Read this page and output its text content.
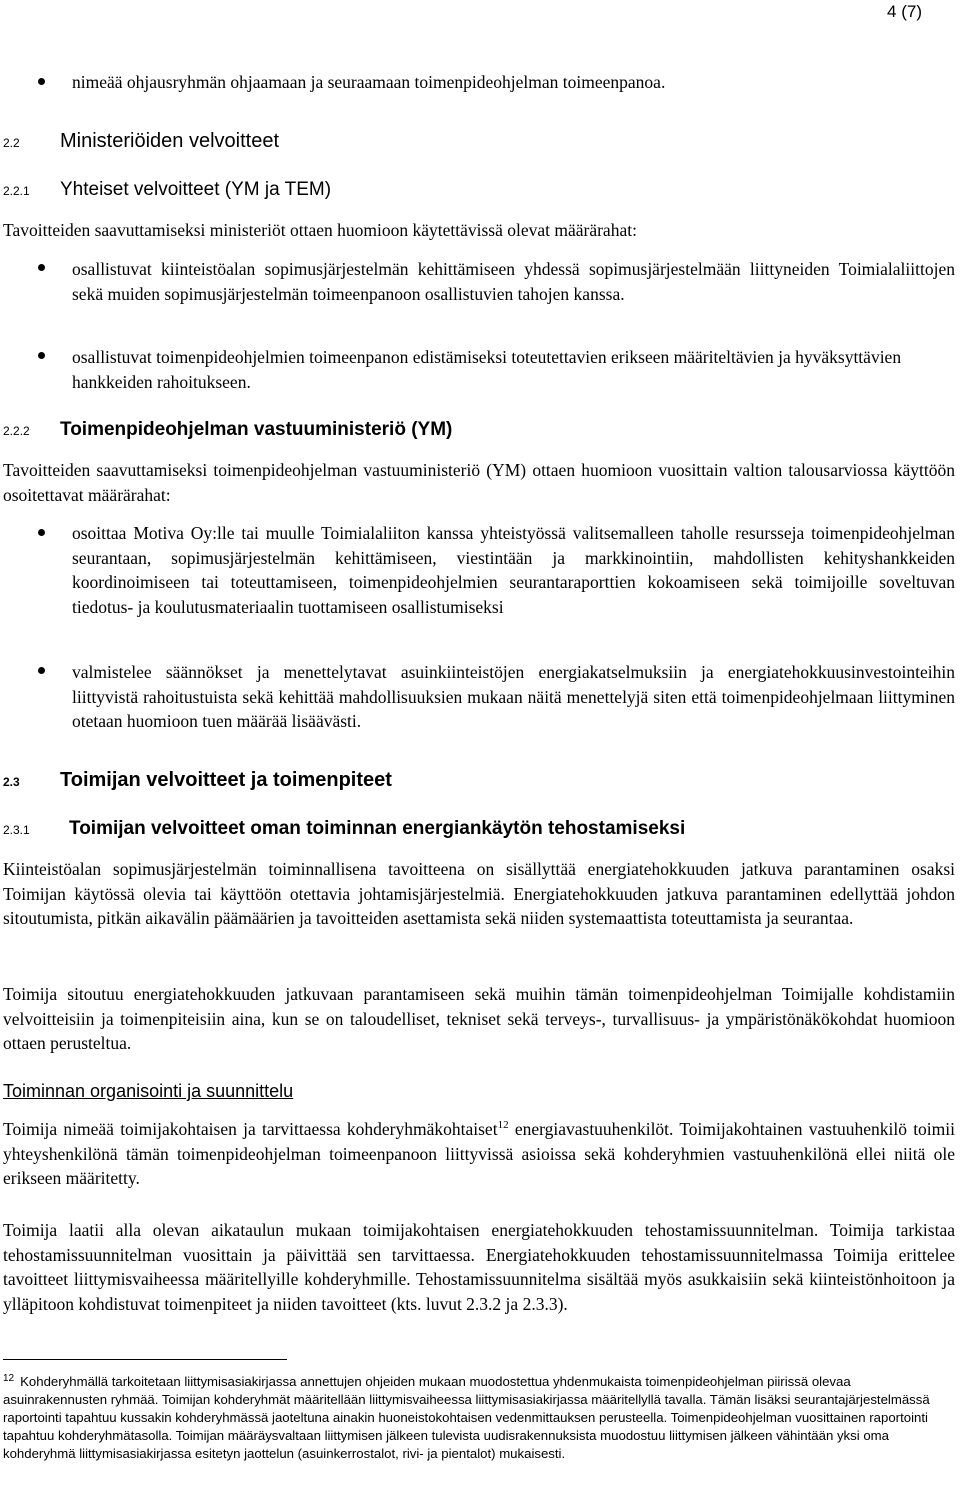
4 (7)
nimeää ohjausryhmän ohjaamaan ja seuraamaan toimenpideohjelman toimeenpanoa.
2.2 Ministeriöiden velvoitteet
2.2.1 Yhteiset velvoitteet (YM ja TEM)
Tavoitteiden saavuttamiseksi ministeriöt ottaen huomioon käytettävissä olevat määrärahat:
osallistuvat kiinteistöalan sopimusjärjestelmän kehittämiseen yhdessä sopimusjärjestelmään liittyneiden Toimialaliittojen sekä muiden sopimusjärjestelmän toimeenpanoon osallistuvien tahojen kanssa.
osallistuvat toimenpideohjelmien toimeenpanon edistämiseksi toteutettavien erikseen määriteltävien ja hyväksyttävien hankkeiden rahoitukseen.
2.2.2 Toimenpideohjelman vastuuministeriö (YM)
Tavoitteiden saavuttamiseksi toimenpideohjelman vastuuministeriö (YM) ottaen huomioon vuosittain valtion talousarviossa käyttöön osoitettavat määrärahat:
osoittaa Motiva Oy:lle tai muulle Toimialaliiton kanssa yhteistyössä valitsemalleen taholle resursseja toimenpideohjelman seurantaan, sopimusjärjestelmän kehittämiseen, viestintään ja markkinointiin, mahdollisten kehityshankkeiden koordinoimiseen tai toteuttamiseen, toimenpideohjelmien seurantaraporttien kokoamiseen sekä toimijoille soveltuvan tiedotus- ja koulutusmateriaalin tuottamiseen osallistumiseksi
valmistelee säännökset ja menettelytavat asuinkiinteistöjen energiakatselmuksiin ja energiatehokkuusinvestointeihin liittyvistä rahoitustuista sekä kehittää mahdollisuuksien mukaan näitä menettelyjä siten että toimenpideohjelmaan liittyminen otetaan huomioon tuen määrää lisäävästi.
2.3 Toimijan velvoitteet ja toimenpiteet
2.3.1 Toimijan velvoitteet oman toiminnan energiankäytön tehostamiseksi
Kiinteistöalan sopimusjärjestelmän toiminnallisena tavoitteena on sisällyttää energiatehokkuuden jatkuva parantaminen osaksi Toimijan käytössä olevia tai käyttöön otettavia johtamisjärjestelmiä. Energiatehokkuuden jatkuva parantaminen edellyttää johdon sitoutumista, pitkän aikavälin päämäärien ja tavoitteiden asettamista sekä niiden systemaattista toteuttamista ja seurantaa.
Toimija sitoutuu energiatehokkuuden jatkuvaan parantamiseen sekä muihin tämän toimenpideohjelman Toimijalle kohdistamiin velvoitteisiin ja toimenpiteisiin aina, kun se on taloudelliset, tekniset sekä terveys-, turvallisuus- ja ympäristönäkökohdat huomioon ottaen perusteltua.
Toiminnan organisointi ja suunnittelu
Toimija nimeää toimijakohtaisen ja tarvittaessa kohderyhmäkohtaiset$^{12}$ energiavastuuhenkilöt. Toimijakohtainen vastuuhenkilö toimii yhteyshenkilönä tämän toimenpideohjelman toimeenpanoon liittyvissä asioissa sekä kohderyhmien vastuuhenkilönä ellei niitä ole erikseen määritetty.
Toimija laatii alla olevan aikataulun mukaan toimijakohtaisen energiatehokkuuden tehostamissuunnitelman. Toimija tarkistaa tehostamissuunnitelman vuosittain ja päivittää sen tarvittaessa. Energiatehokkuuden tehostamissuunnitelmassa Toimija erittelee tavoitteet liittymisvaiheessa määritellyille kohderyhmille. Tehostamissuunnitelma sisältää myös asukkaisiin sekä kiinteistönhoitoon ja ylläpitoon kohdistuvat toimenpiteet ja niiden tavoitteet (kts. luvut 2.3.2 ja 2.3.3).
$^{12}$ Kohderyhmällä tarkoitetaan liittymisasiakirjassa annettujen ohjeiden mukaan muodostettua yhdenmukaista toimenpideohjelman piirissä olevaa asuinrakennusten ryhmää. Toimijan kohderyhmät määritellään liittymisvaiheessa liittymisasiakirjassa määritellyllä tavalla. Tämän lisäksi seurantajärjestelmässä raportointi tapahtuu kussakin kohderyhmässä jaoteltuna ainakin huoneistokohtaisen vedenmittauksen perusteella. Toimenpideohjelman vuosittainen raportointi tapahtuu kohderyhmätasolla. Toimijan määräysvaltaan liittymisen jälkeen tulevista uudisrakennuksista muodostuu liittymisen jälkeen vähintään yksi oma kohderyhmä liittymisasiakirjassa esitetyn jaottelun (asuinkerrostalot, rivi- ja pientalot) mukaisesti.
